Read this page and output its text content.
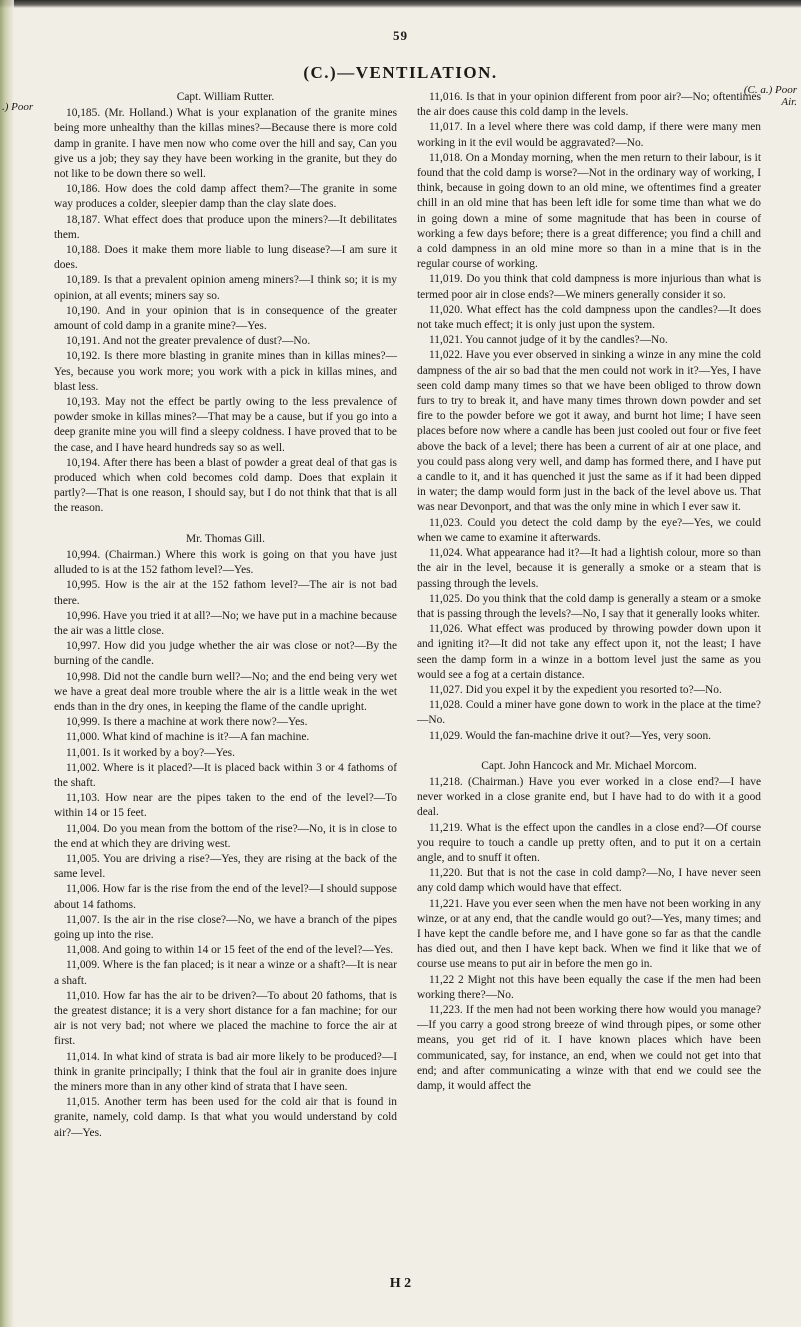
59
(C.)—VENTILATION.
.) Poor
(C. a.) Poor
Air.

Capt. William Rutter.

10,185. (Mr. Holland.) What is your explanation of the granite mines being more unhealthy than the killas mines?—Because there is more cold damp in granite. I have men now who come over the hill and say, Can you give us a job; they say they have been working in the granite, but they do not like to be down there so well.

10,186. How does the cold damp affect them?—The granite in some way produces a colder, sleepier damp than the clay slate does.

18,187. What effect does that produce upon the miners?—It debilitates them.

10,188. Does it make them more liable to lung disease?—I am sure it does.

10,189. Is that a prevalent opinion ameng miners?—I think so; it is my opinion, at all events; miners say so.

10,190. And in your opinion that is in consequence of the greater amount of cold damp in a granite mine?—Yes.

10,191. And not the greater prevalence of dust?—No.

10,192. Is there more blasting in granite mines than in killas mines?—Yes, because you work more; you work with a pick in killas mines, and blast less.

10,193. May not the effect be partly owing to the less prevalence of powder smoke in killas mines?—That may be a cause, but if you go into a deep granite mine you will find a sleepy coldness. I have proved that to be the case, and I have heard hundreds say so as well.

10,194. After there has been a blast of powder a great deal of that gas is produced which when cold becomes cold damp. Does that explain it partly?—That is one reason, I should say, but I do not think that that is all the reason.

Mr. Thomas Gill.

10,994. (Chairman.) Where this work is going on that you have just alluded to is at the 152 fathom level?—Yes.

10,995. How is the air at the 152 fathom level?—The air is not bad there.

10,996. Have you tried it at all?—No; we have put in a machine because the air was a little close.

10,997. How did you judge whether the air was close or not?—By the burning of the candle.

10,998. Did not the candle burn well?—No; and the end being very wet we have a great deal more trouble where the air is a little weak in the wet ends than in the dry ones, in keeping the flame of the candle upright.

10,999. Is there a machine at work there now?—Yes.

11,000. What kind of machine is it?—A fan machine.

11,001. Is it worked by a boy?—Yes.

11,002. Where is it placed?—It is placed back within 3 or 4 fathoms of the shaft.

11,103. How near are the pipes taken to the end of the level?—To within 14 or 15 feet.

11,004. Do you mean from the bottom of the rise?—No, it is in close to the end at which they are driving west.

11,005. You are driving a rise?—Yes, they are rising at the back of the same level.

11,006. How far is the rise from the end of the level?—I should suppose about 14 fathoms.

11,007. Is the air in the rise close?—No, we have a branch of the pipes going up into the rise.

11,008. And going to within 14 or 15 feet of the end of the level?—Yes.

11,009. Where is the fan placed; is it near a winze or a shaft?—It is near a shaft.

11,010. How far has the air to be driven?—To about 20 fathoms, that is the greatest distance; it is a very short distance for a fan machine; for our air is not very bad; not where we placed the machine to force the air at first.

11,014. In what kind of strata is bad air more likely to be produced?—I think in granite principally; I think that the foul air in granite does injure the miners more than in any other kind of strata that I have seen.

11,015. Another term has been used for the cold air that is found in granite, namely, cold damp. Is that what you would understand by cold air?—Yes.

11,016. Is that in your opinion different from poor air?—No; oftentimes the air does cause this cold damp in the levels.

11,017. In a level where there was cold damp, if there were many men working in it the evil would be aggravated?—No.

11,018. On a Monday morning, when the men return to their labour, is it found that the cold damp is worse?—Not in the ordinary way of working, I think, because in going down to an old mine, we oftentimes find a greater chill in an old mine that has been left idle for some time than what we do in going down a mine of some magnitude that has been in course of working a few days before; there is a great difference; you find a chill and a cold dampness in an old mine more so than in a mine that is in the regular course of working.

11,019. Do you think that cold dampness is more injurious than what is termed poor air in close ends?—We miners generally consider it so.

11,020. What effect has the cold dampness upon the candles?—It does not take much effect; it is only just upon the system.

11,021. You cannot judge of it by the candles?—No.

11,022. Have you ever observed in sinking a winze in any mine the cold dampness of the air so bad that the men could not work in it?—Yes, I have seen cold damp many times so that we have been obliged to throw down furs to try to break it, and have many times thrown down powder and set fire to the powder before we got it away, and burnt hot lime; I have seen places before now where a candle has been just cooled out four or five feet above the back of a level; there has been a current of air at one place, and you could pass along very well, and damp has formed there, and I have put a candle to it, and it has quenched it just the same as if it had been dipped in water; the damp would form just in the back of the level above us. That was near Devonport, and that was the only mine in which I ever saw it.

11,023. Could you detect the cold damp by the eye?—Yes, we could when we came to examine it afterwards.

11,024. What appearance had it?—It had a lightish colour, more so than the air in the level, because it is generally a smoke or a steam that is passing through the levels.

11,025. Do you think that the cold damp is generally a steam or a smoke that is passing through the levels?—No, I say that it generally looks whiter.

11,026. What effect was produced by throwing powder down upon it and igniting it?—It did not take any effect upon it, not the least; I have seen the damp form in a winze in a bottom level just the same as you would see a fog at a certain distance.

11,027. Did you expel it by the expedient you resorted to?—No.

11,028. Could a miner have gone down to work in the place at the time?—No.

11,029. Would the fan-machine drive it out?—Yes, very soon.

Capt. John Hancock and Mr. Michael Morcom.

11,218. (Chairman.) Have you ever worked in a close end?—I have never worked in a close granite end, but I have had to do with it a good deal.

11,219. What is the effect upon the candles in a close end?—Of course you require to touch a candle up pretty often, and to put it on a certain angle, and to snuff it often.

11,220. But that is not the case in cold damp?—No, I have never seen any cold damp which would have that effect.

11,221. Have you ever seen when the men have not been working in any winze, or at any end, that the candle would go out?—Yes, many times; and I have kept the candle before me, and I have gone so far as that the candle has died out, and then I have kept back. When we find it like that we of course use means to put air in before the men go in.

11,22 2 Might not this have been equally the case if the men had been working there?—No.

11,223. If the men had not been working there how would you manage?—If you carry a good strong breeze of wind through pipes, or some other means, you get rid of it. I have known places which have been communicated, say, for instance, an end, when we could not get into that end; and after communicating a winze with that end we could see the damp, it would affect the

H 2
